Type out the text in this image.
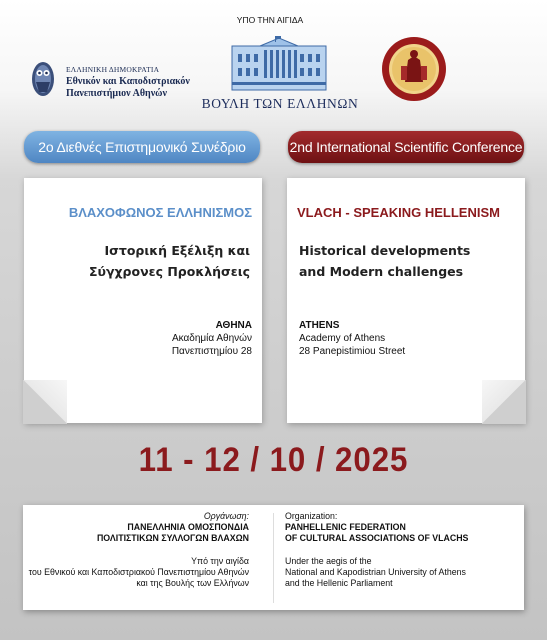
ΕΛΛΗΝΙΚΗ ΔΗΜΟΚΡΑΤΙΑ
Εθνικόν και Καποδιστριακόν
Πανεπιστήμιον Αθηνών
ΥΠΟ ΤΗΝ ΑΙΓΙΔΑ
ΒΟΥΛΗ ΤΩΝ ΕΛΛΗΝΩΝ
2ο Διεθνές Επιστημονικό Συνέδριο	2nd International Scientific Conference
ΒΛΑΧΟΦΩΝΟΣ ΕΛΛΗΝΙΣΜΟΣ
Ιστορική Εξέλιξη και
Σύγχρονες Προκλήσεις
ΑΘΗΝΑ
Ακαδημία Αθηνών
Πανεπιστημίου 28
VLACH - SPEAKING HELLENISM
Historical developments
and Modern challenges
ATHENS
Academy of Athens
28 Panepistimiou Street
11 - 12 / 10 / 2025
Οργάνωση:
ΠΑΝΕΛΛΗΝΙΑ ΟΜΟΣΠΟΝΔΙΑ
ΠΟΛΙΤΙΣΤΙΚΩΝ ΣΥΛΛΟΓΩΝ ΒΛΑΧΩΝ
Υπό την αιγίδα
του Εθνικού και Καποδιστριακού Πανεπιστημίου Αθηνών
και της Βουλής των Ελλήνων
Organization:
PANHELLENIC FEDERATION
OF CULTURAL ASSOCIATIONS OF VLACHS
Under the aegis of the
National and Kapodistrian University of Athens
and the Hellenic Parliament
